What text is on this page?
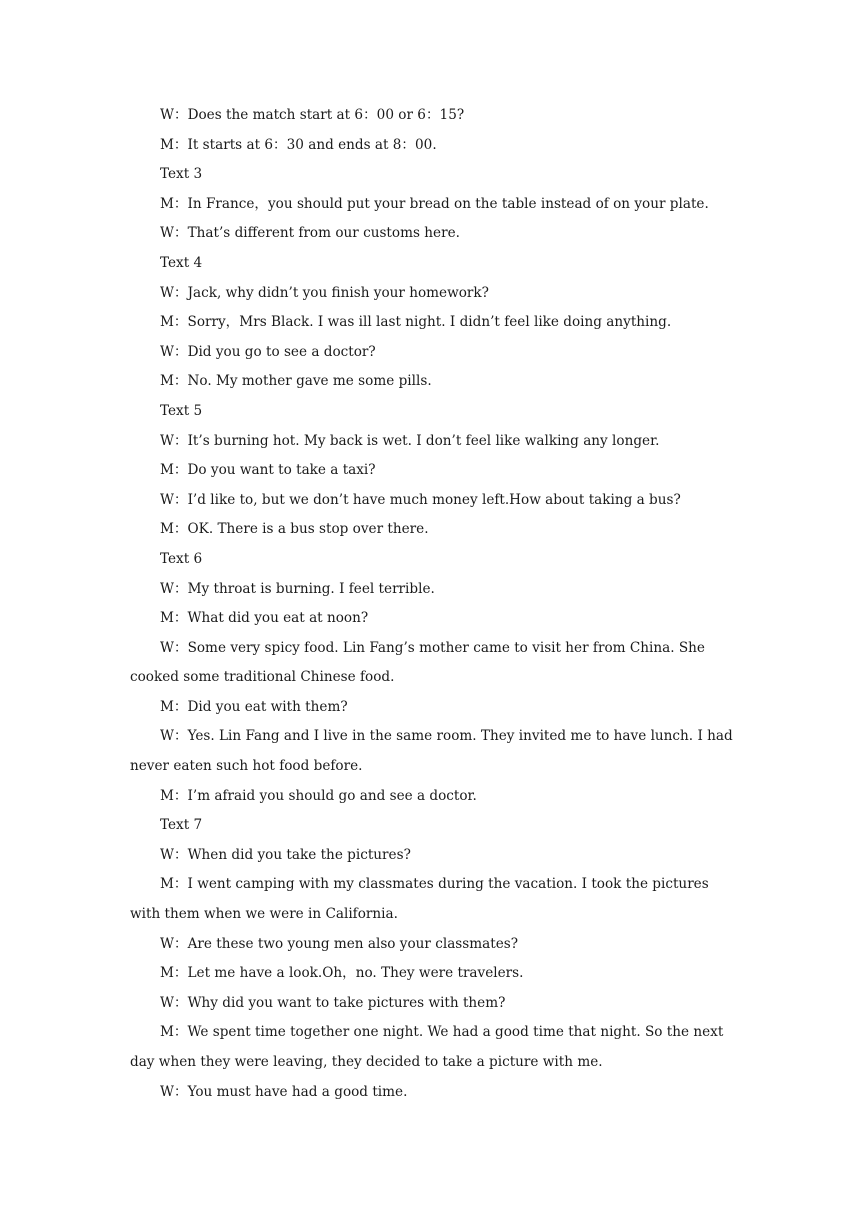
W：Does the match start at 6：00 or 6：15?

M：It starts at 6：30 and ends at 8：00.

Text 3

M：In France，you should put your bread on the table instead of on your plate.

W：That’s different from our customs here.

Text 4

W：Jack, why didn’t you finish your homework?

M：Sorry，Mrs Black. I was ill last night. I didn’t feel like doing anything.

W：Did you go to see a doctor?

M：No. My mother gave me some pills.

Text 5

W：It’s burning hot. My back is wet. I don’t feel like walking any longer.

M：Do you want to take a taxi?

W：I’d like to, but we don’t have much money left.How about taking a bus?

M：OK. There is a bus stop over there.

Text 6

W：My throat is burning. I feel terrible.

M：What did you eat at noon?

W：Some very spicy food. Lin Fang’s mother came to visit her from China. She cooked some traditional Chinese food.

M：Did you eat with them?

W：Yes. Lin Fang and I live in the same room. They invited me to have lunch. I had never eaten such hot food before.

M：I’m afraid you should go and see a doctor.

Text 7

W：When did you take the pictures?

M：I went camping with my classmates during the vacation. I took the pictures with them when we were in California.

W：Are these two young men also your classmates?

M：Let me have a look.Oh，no. They were travelers.

W：Why did you want to take pictures with them?

M：We spent time together one night. We had a good time that night. So the next day when they were leaving, they decided to take a picture with me.

W：You must have had a good time.
